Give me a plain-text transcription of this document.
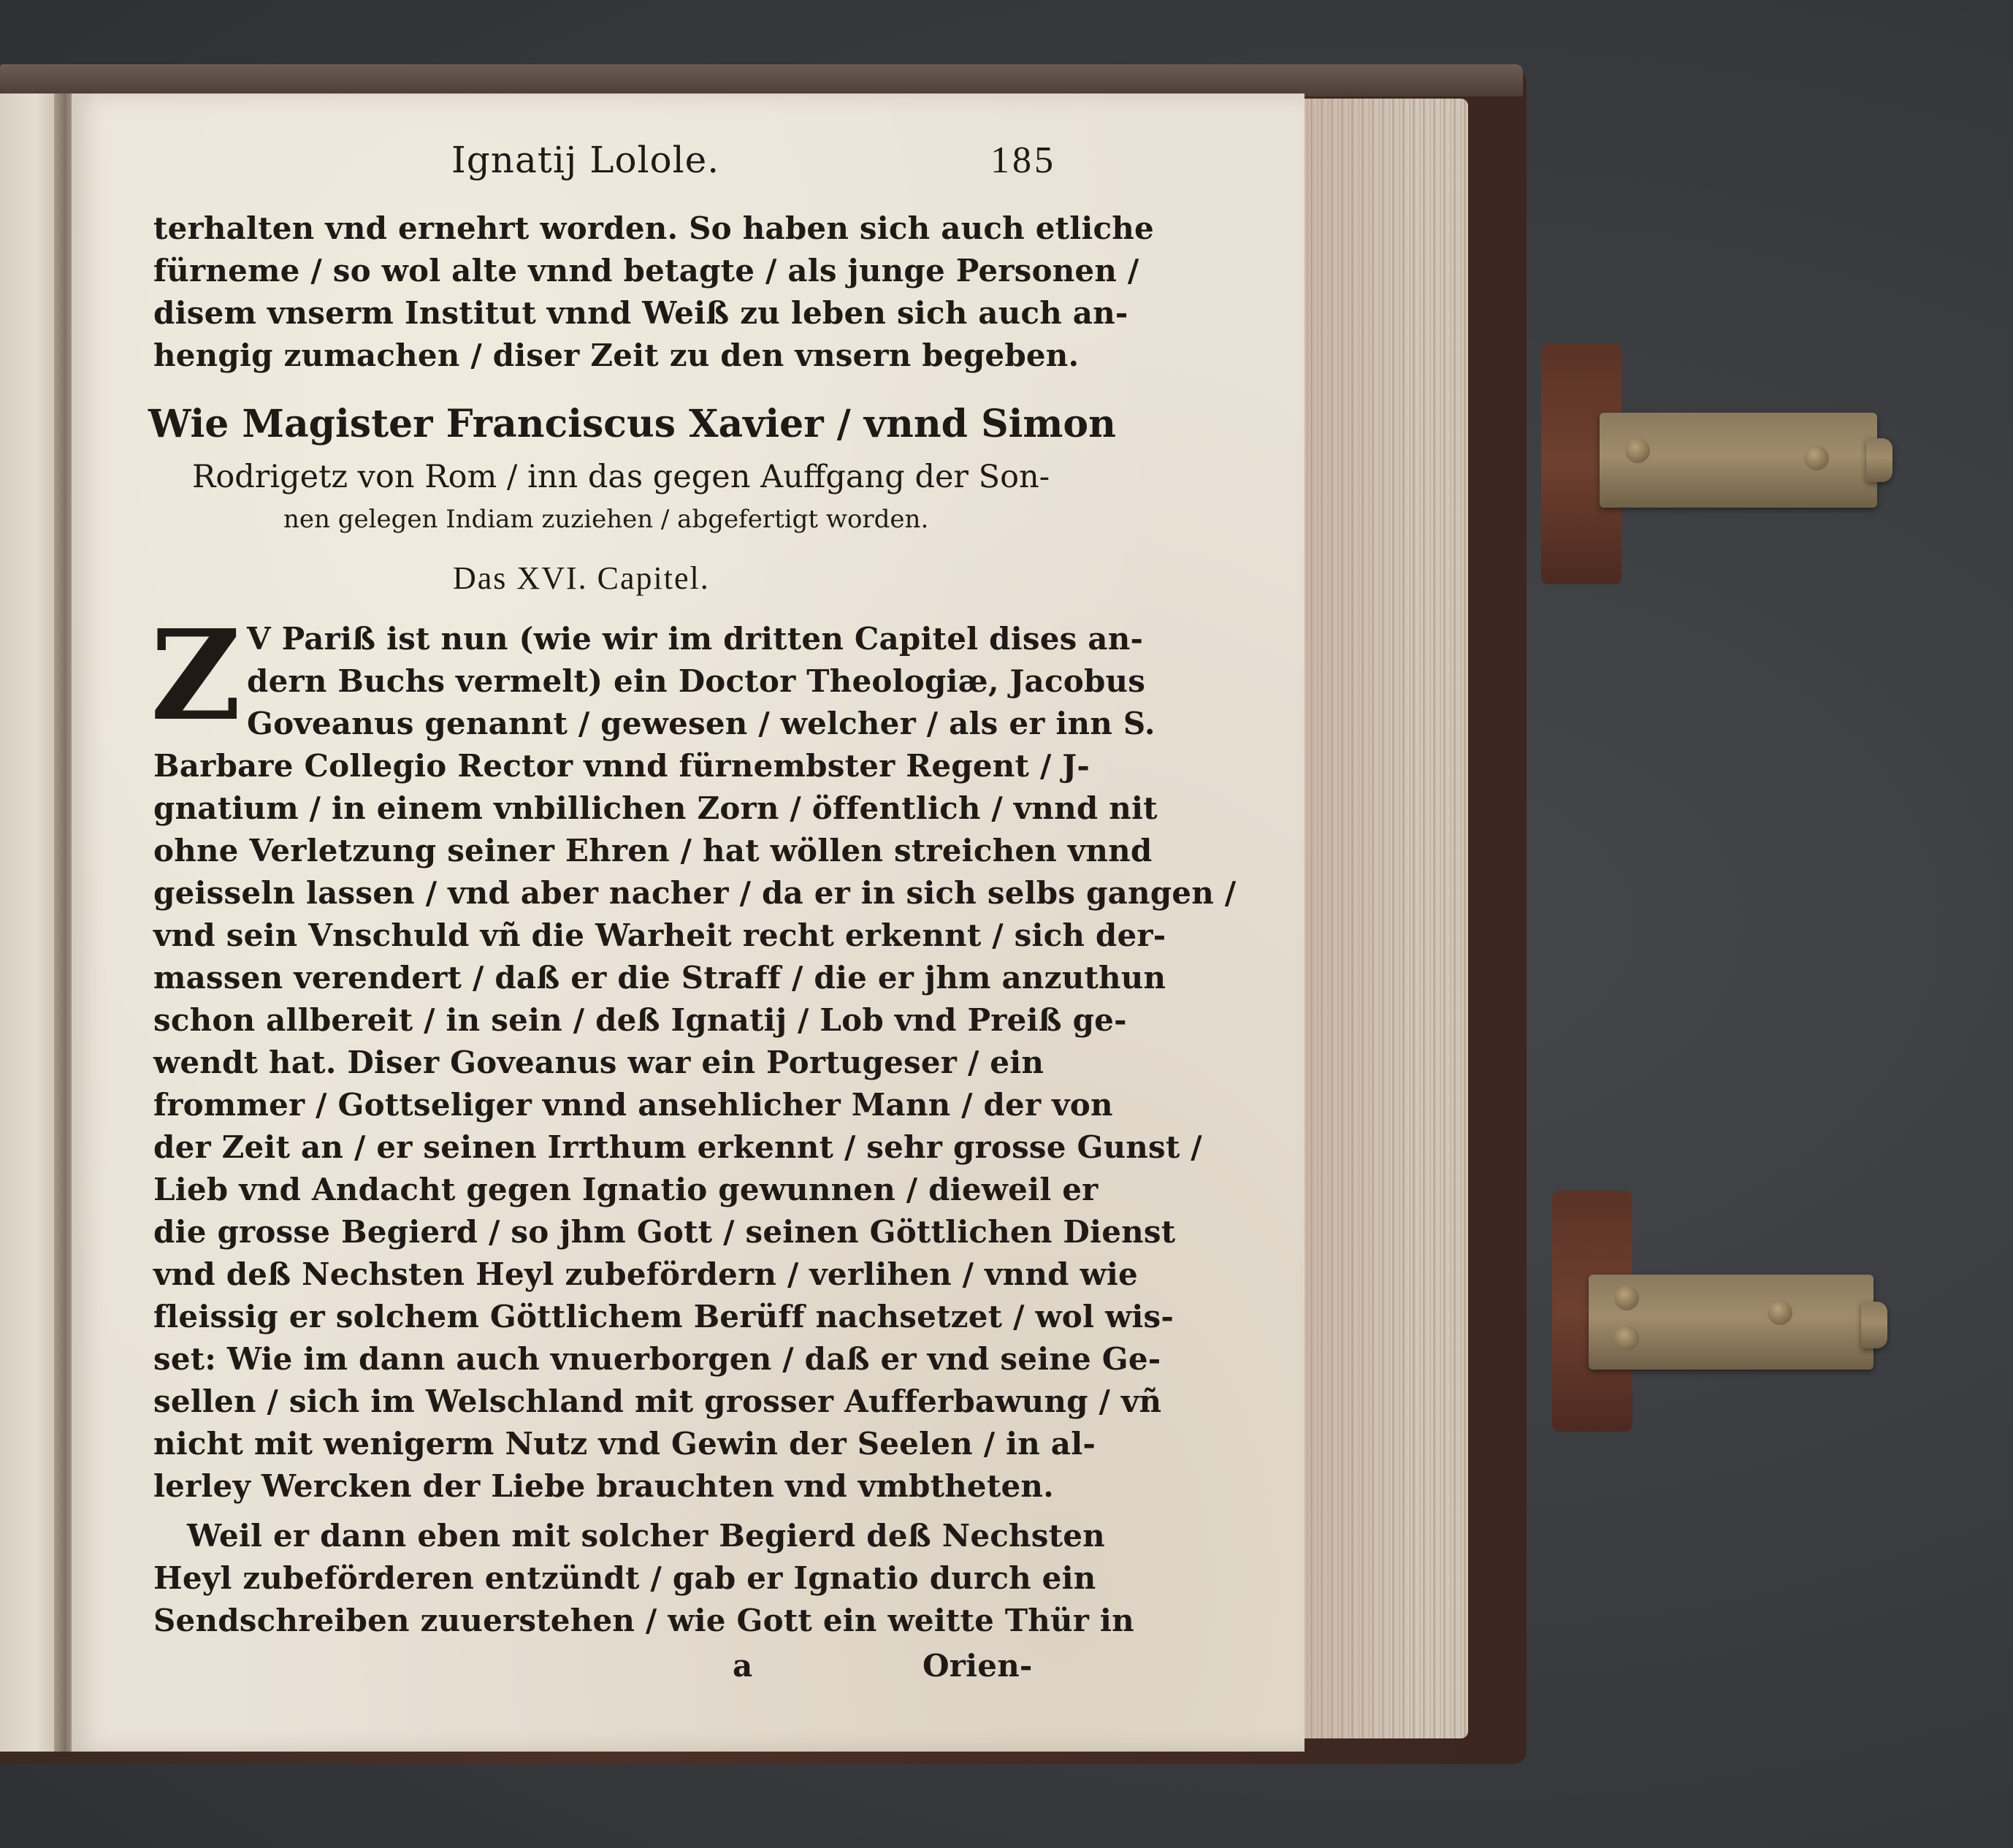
Ignatij Lolole.	185
terhalten vnd ernehrt worden. So haben sich auch etliche
fürneme / so wol alte vnnd betagte / als junge Personen /
disem vnserm Institut vnnd Weiß zu leben sich auch an-
hengig zumachen / diser Zeit zu den vnsern begeben.
Wie Magister Franciscus Xavier / vnnd Simon
Rodrigetz von Rom / inn das gegen Auffgang der Son-
nen gelegen Indiam zuziehen / abgefertigt worden.
Das XVI. Capitel.
Z V Pariß ist nun (wie wir im dritten Capitel dises an-
dern Buchs vermelt) ein Doctor Theologiæ, Jacobus
Goveanus genannt / gewesen / welcher / als er inn S.
Barbare Collegio Rector vnnd fürnembster Regent / J-
gnatium / in einem vnbillichen Zorn / öffentlich / vnnd nit
ohne Verletzung seiner Ehren / hat wöllen streichen vnnd
geisseln lassen / vnd aber nacher / da er in sich selbs gangen /
vnd sein Vnschuld vñ die Warheit recht erkennt / sich der-
massen verendert / daß er die Straff / die er jhm anzuthun
schon allbereit / in sein / deß Ignatij / Lob vnd Preiß ge-
wendt hat. Diser Goveanus war ein Portugeser / ein
frommer / Gottseliger vnnd ansehlicher Mann / der von
der Zeit an / er seinen Irrthum erkennt / sehr grosse Gunst /
Lieb vnd Andacht gegen Ignatio gewunnen / dieweil er
die grosse Begierd / so jhm Gott / seinen Göttlichen Dienst
vnd deß Nechsten Heyl zubefördern / verlihen / vnnd wie
fleissig er solchem Göttlichem Berüff nachsetzet / wol wis-
set: Wie im dann auch vnuerborgen / daß er vnd seine Ge-
sellen / sich im Welschland mit grosser Aufferbawung / vñ
nicht mit wenigerm Nutz vnd Gewin der Seelen / in al-
lerley Wercken der Liebe brauchten vnd vmbtheten.
Weil er dann eben mit solcher Begierd deß Nechsten
Heyl zubeförderen entzündt / gab er Ignatio durch ein
Sendschreiben zuuerstehen / wie Gott ein weitte Thür in
a	Orien-
